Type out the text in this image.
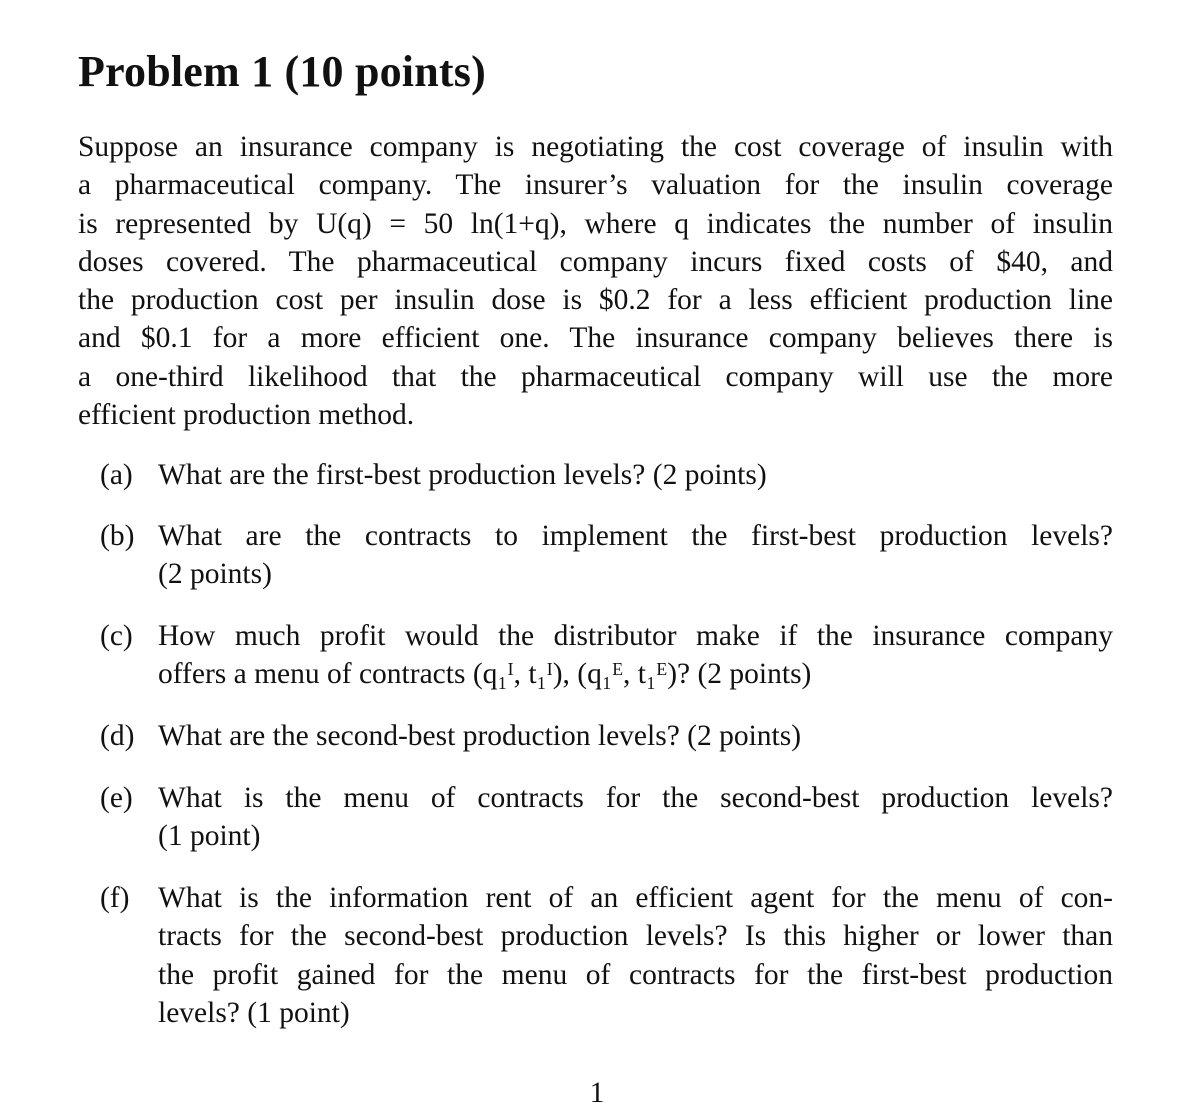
Problem 1 (10 points)

Suppose an insurance company is negotiating the cost coverage of insulin with
a pharmaceutical company. The insurer’s valuation for the insulin coverage
is represented by U(q) = 50 ln(1+q), where q indicates the number of insulin
doses covered. The pharmaceutical company incurs fixed costs of $40, and
the production cost per insulin dose is $0.2 for a less efficient production line
and $0.1 for a more efficient one. The insurance company believes there is
a one-third likelihood that the pharmaceutical company will use the more
efficient production method.

(a) What are the first-best production levels? (2 points)
(b) What are the contracts to implement the first-best production levels?
(2 points)
(c) How much profit would the distributor make if the insurance company
offers a menu of contracts (q₁ᴵ, t₁ᴵ), (q₁ᴱ, t₁ᴱ)? (2 points)
(d) What are the second-best production levels? (2 points)
(e) What is the menu of contracts for the second-best production levels?
(1 point)
(f) What is the information rent of an efficient agent for the menu of con-
tracts for the second-best production levels? Is this higher or lower than
the profit gained for the menu of contracts for the first-best production
levels? (1 point)
1
